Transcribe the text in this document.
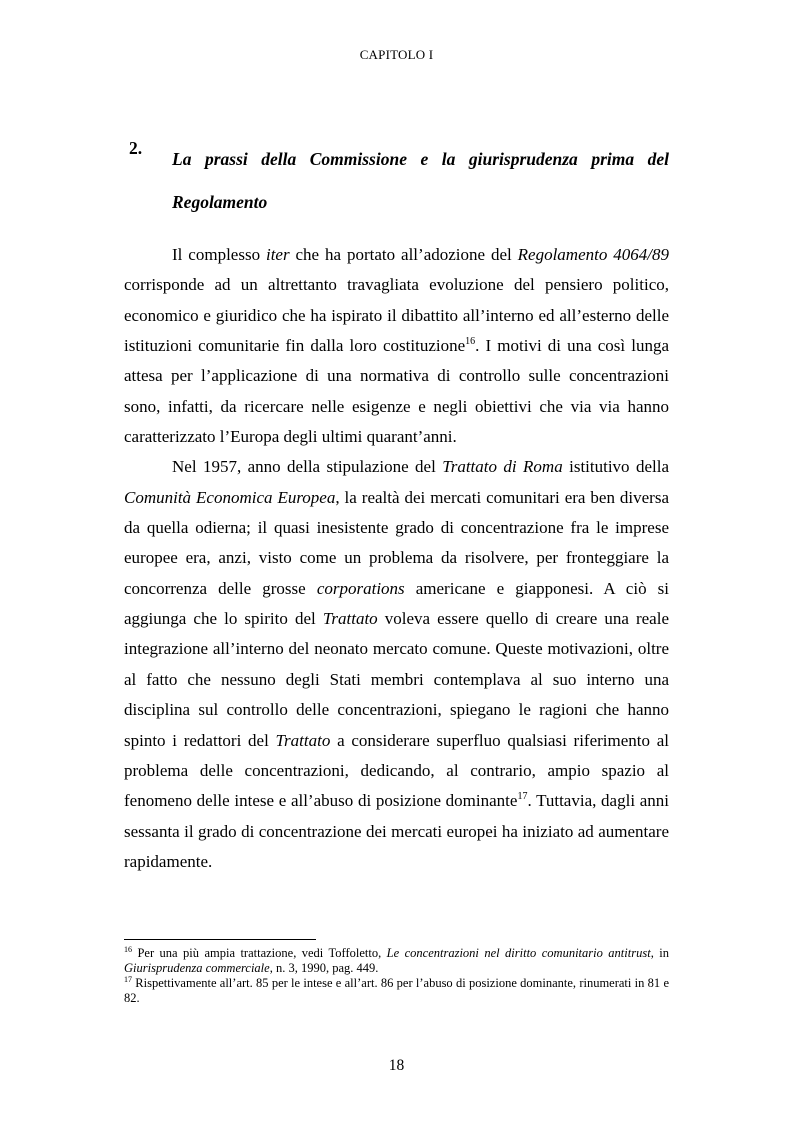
CAPITOLO I
2.
La prassi della Commissione e la giurisprudenza prima del Regolamento

Il complesso iter che ha portato all’adozione del Regolamento 4064/89 corrisponde ad un altrettanto travagliata evoluzione del pensiero politico, economico e giuridico che ha ispirato il dibattito all’interno ed all’esterno delle istituzioni comunitarie fin dalla loro costituzione$^{16}$. I motivi di una così lunga attesa per l’applicazione di una normativa di controllo sulle concentrazioni sono, infatti, da ricercare nelle esigenze e negli obiettivi che via via hanno caratterizzato l’Europa degli ultimi quarant’anni.

Nel 1957, anno della stipulazione del Trattato di Roma istitutivo della Comunità Economica Europea, la realtà dei mercati comunitari era ben diversa da quella odierna; il quasi inesistente grado di concentrazione fra le imprese europee era, anzi, visto come un problema da risolvere, per fronteggiare la concorrenza delle grosse corporations americane e giapponesi. A ciò si aggiunga che lo spirito del Trattato voleva essere quello di creare una reale integrazione all’interno del neonato mercato comune. Queste motivazioni, oltre al fatto che nessuno degli Stati membri contemplava al suo interno una disciplina sul controllo delle concentrazioni, spiegano le ragioni che hanno spinto i redattori del Trattato a considerare superfluo qualsiasi riferimento al problema delle concentrazioni, dedicando, al contrario, ampio spazio al fenomeno delle intese e all’abuso di posizione dominante$^{17}$. Tuttavia, dagli anni sessanta il grado di concentrazione dei mercati europei ha iniziato ad aumentare rapidamente.

$^{16}$ Per una più ampia trattazione, vedi Toffoletto, Le concentrazioni nel diritto comunitario antitrust, in Giurisprudenza commerciale, n. 3, 1990, pag. 449.

$^{17}$ Rispettivamente all’art. 85 per le intese e all’art. 86 per l’abuso di posizione dominante, rinumerati in 81 e 82.

18
